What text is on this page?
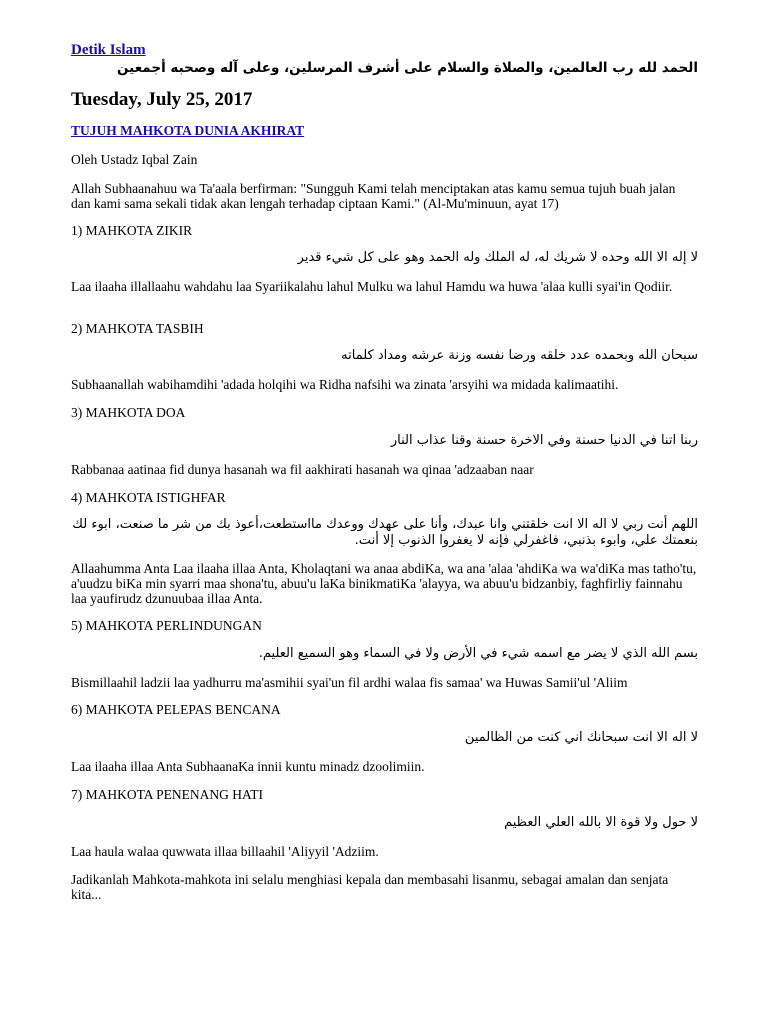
Detik Islam
الحمد لله رب العالمين، والصلاة والسلام على أشرف المرسلين، وعلى آله وصحبه أجمعين
Tuesday, July 25, 2017
TUJUH MAHKOTA DUNIA AKHIRAT
Oleh Ustadz Iqbal Zain
Allah Subhaanahuu wa Ta'aala berfirman: "Sungguh Kami telah menciptakan atas kamu semua tujuh buah jalan dan kami sama sekali tidak akan lengah terhadap ciptaan Kami." (Al-Mu'minuun, ayat 17)
1) MAHKOTA ZIKIR
لا إله الا الله وحده لا شريك له، له الملك وله الحمد وهو على كل شيء قدير
Laa ilaaha illallaahu wahdahu laa Syariikalahu lahul Mulku wa lahul Hamdu wa huwa 'alaa kulli syai'in Qodiir.
2) MAHKOTA TASBIH
سبحان الله وبحمده عدد خلقه ورضا نفسه وزنة عرشه ومداد كلماته
Subhaanallah wabihamdihi 'adada holqihi wa Ridha nafsihi wa zinata 'arsyihi wa midada kalimaatihi.
3) MAHKOTA DOA
ربنا اتنا في الدنيا حسنة وفي الاخرة حسنة وقنا عذاب النار
Rabbanaa aatinaa fid dunya hasanah wa fil aakhirati hasanah wa qinaa 'adzaaban naar
4) MAHKOTA ISTIGHFAR
اللهم أنت ربي لا اله الا انت خلقتني وانا عبدك، وأنا على عهدك ووعدك مااستطعت،أعوذ بك من شر ما صنعت، ابوء لك بنعمتك علي، وابوء بذنبي، فاغفرلي فإنه لا يغفروا الذنوب إلا أنت.
Allaahumma Anta Laa ilaaha illaa Anta, Kholaqtani wa anaa abdiKa, wa ana 'alaa 'ahdiKa wa wa'diKa mas tatho'tu, a'uudzu biKa min syarri maa shona'tu, abuu'u laKa binikmatiKa 'alayya, wa abuu'u bidzanbiy, faghfirliy fainnahu laa yaufirudz dzunuubaa illaa Anta.
5) MAHKOTA PERLINDUNGAN
بسم الله الذي لا يضر مع اسمه شيء في الأرض ولا في السماء وهو السميع العليم.
Bismillaahil ladzii laa yadhurru ma'asmihii syai'un fil ardhi walaa fis samaa' wa Huwas Samii'ul 'Aliim
6) MAHKOTA PELEPAS BENCANA
لا اله الا انت سبحانك اني كنت من الظالمين
Laa ilaaha illaa Anta SubhaanaKa innii kuntu minadz dzoolimiin.
7) MAHKOTA PENENANG HATI
لا حول ولا قوة الا بالله العلي العظيم
Laa haula walaa quwwata illaa billaahil 'Aliyyil 'Adziim.
Jadikanlah Mahkota-mahkota ini selalu menghiasi kepala dan membasahi lisanmu, sebagai amalan dan senjata kita...
